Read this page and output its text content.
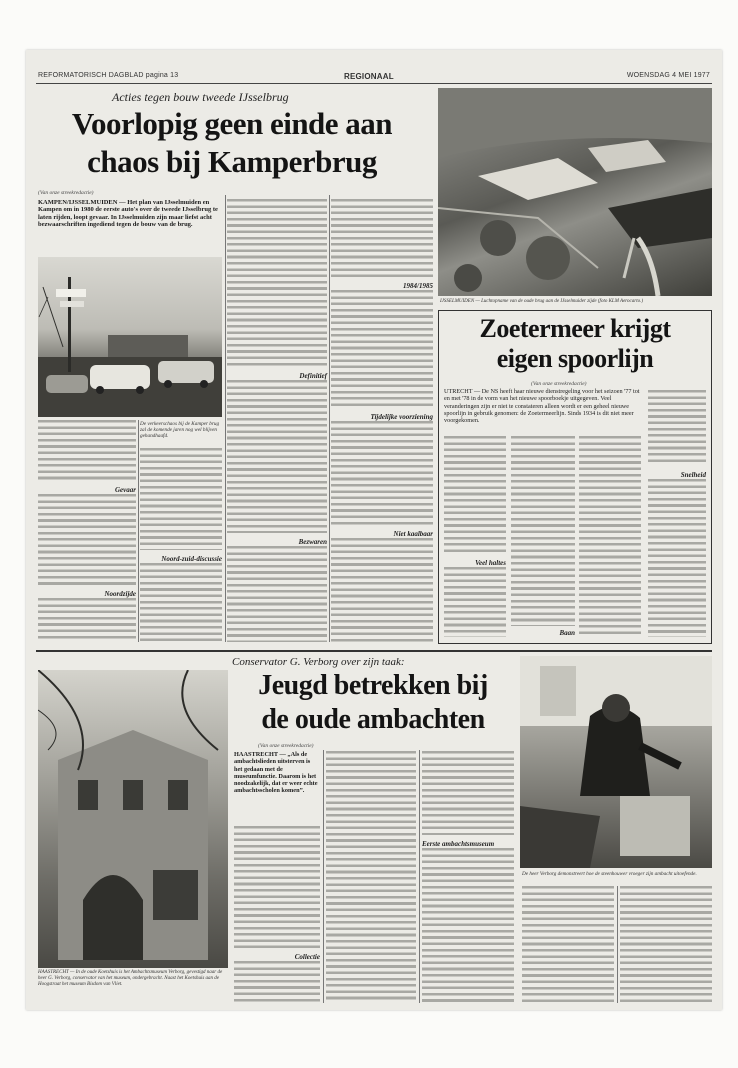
REFORMATORISCH DAGBLAD pagina 13	REGIONAAL	WOENSDAG 4 MEI 1977
Acties tegen bouw tweede IJsselbrug
Voorlopig geen einde aan
chaos bij Kamperbrug
(Van onze streekredactie)
KAMPEN/IJSSELMUIDEN — Het plan van IJsselmuiden en Kampen om in 1980 de eerste auto's over de tweede IJsselbrug te laten rijden, loopt gevaar. In IJsselmuiden zijn maar liefst acht bezwaarschriften ingediend tegen de bouw van de brug.
De verkeerschaos bij de Kamper brug zal de komende jaren nog wel blijven gehandhaafd.
Gevaar
Noordzijde
Noord-zuid-discussie
Definitief
Bezwaren
1984/1985
Tijdelijke voorziening
Niet kaalbaar
IJSSELMUIDEN — Luchtopname van de oude brug aan de IJsselmuider zijde (foto KLM Aerocarto.)
Zoetermeer krijgt
eigen spoorlijn
(Van onze streekredactie)
UTRECHT — De NS heeft haar nieuwe dienstregeling voor het seizoen '77 tot en met '78 in de vorm van het nieuwe spoorboekje uitgegeven. Veel veranderingen zijn er niet te constateren alleen wordt er een geheel nieuwe spoorlijn in gebruik genomen: de Zoetermeerlijn. Sinds 1934 is dit niet meer voorgekomen.
Veel haltes
Baan
Snelheid
Conservator G. Verborg over zijn taak:
HAASTRECHT — In de oude Koetshuis is het Ambachtsmuseum Verborg, gevestigd naar de heer G. Verborg, conservator van het museum, ondergebracht. Naast het Koetshuis aan de Hoogstraat het museum Bisdom van Vliet.
Jeugd betrekken bij
de oude ambachten
(Van onze streekredactie)
HAASTRECHT — „Als de ambachtslieden uitsterven is het gedaan met de museumfunctie. Daarom is het noodzakelijk, dat er weer echte ambachtsscholen komen”.
Collectie
Eerste ambachtsmuseum
De heer Verborg demonstreert hoe de steenhouwer vroeger zijn ambacht uitoefende.
